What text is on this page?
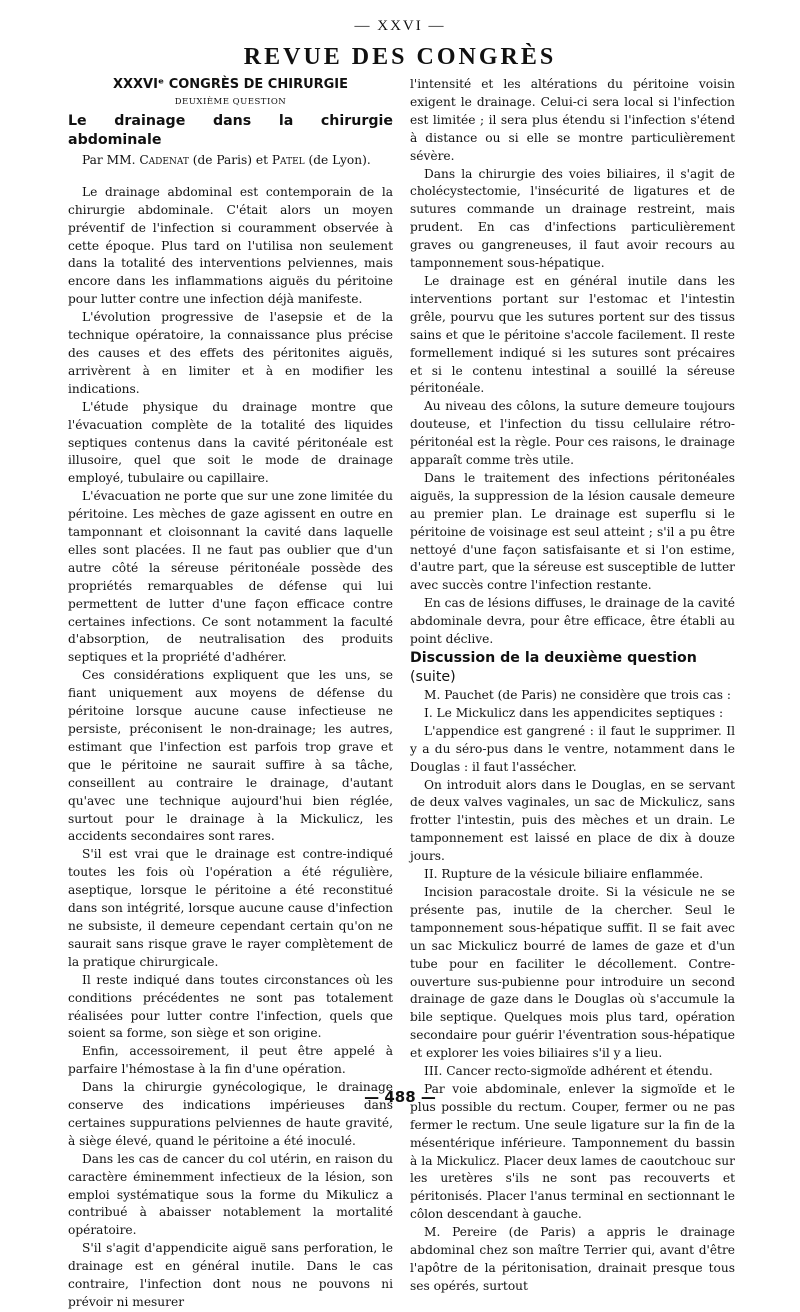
— XXVI —
REVUE DES CONGRÈS

XXXVIᵉ CONGRÈS DE CHIRURGIE

DEUXIÈME QUESTION

Le drainage dans la chirurgie abdominale

Par MM. Cadenat (de Paris) et Patel (de Lyon).

Le drainage abdominal est contemporain de la chirurgie abdominale. C'était alors un moyen préventif de l'infection si couramment observée à cette époque. Plus tard on l'utilisa non seulement dans la totalité des interventions pelviennes, mais encore dans les inflammations aiguës du péritoine pour lutter contre une infection déjà manifeste.

L'évolution progressive de l'asepsie et de la technique opératoire, la connaissance plus précise des causes et des effets des péritonites aiguës, arrivèrent à en limiter et à en modifier les indications.

L'étude physique du drainage montre que l'évacuation complète de la totalité des liquides septiques contenus dans la cavité péritonéale est illusoire, quel que soit le mode de drainage employé, tubulaire ou capillaire.

L'évacuation ne porte que sur une zone limitée du péritoine. Les mèches de gaze agissent en outre en tamponnant et cloisonnant la cavité dans laquelle elles sont placées. Il ne faut pas oublier que d'un autre côté la séreuse péritonéale possède des propriétés remarquables de défense qui lui permettent de lutter d'une façon efficace contre certaines infections. Ce sont notamment la faculté d'absorption, de neutralisation des produits septiques et la propriété d'adhérer.

Ces considérations expliquent que les uns, se fiant uniquement aux moyens de défense du péritoine lorsque aucune cause infectieuse ne persiste, préconisent le non-drainage; les autres, estimant que l'infection est parfois trop grave et que le péritoine ne saurait suffire à sa tâche, conseillent au contraire le drainage, d'autant qu'avec une technique aujourd'hui bien réglée, surtout pour le drainage à la Mickulicz, les accidents secondaires sont rares.

S'il est vrai que le drainage est contre-indiqué toutes les fois où l'opération a été régulière, aseptique, lorsque le péritoine a été reconstitué dans son intégrité, lorsque aucune cause d'infection ne subsiste, il demeure cependant certain qu'on ne saurait sans risque grave le rayer complètement de la pratique chirurgicale.

Il reste indiqué dans toutes circonstances où les conditions précédentes ne sont pas totalement réalisées pour lutter contre l'infection, quels que soient sa forme, son siège et son origine.

Enfin, accessoirement, il peut être appelé à parfaire l'hémostase à la fin d'une opération.

Dans la chirurgie gynécologique, le drainage conserve des indications impérieuses dans certaines suppurations pelviennes de haute gravité, à siège élevé, quand le péritoine a été inoculé.

Dans les cas de cancer du col utérin, en raison du caractère éminemment infectieux de la lésion, son emploi systématique sous la forme du Mikulicz a contribué à abaisser notablement la mortalité opératoire.

S'il s'agit d'appendicite aiguë sans perforation, le drainage est en général inutile. Dans le cas contraire, l'infection dont nous ne pouvons ni prévoir ni mesurer

l'intensité et les altérations du péritoine voisin exigent le drainage. Celui-ci sera local si l'infection est limitée ; il sera plus étendu si l'infection s'étend à distance ou si elle se montre particulièrement sévère.

Dans la chirurgie des voies biliaires, il s'agit de cholécystectomie, l'insécurité de ligatures et de sutures commande un drainage restreint, mais prudent. En cas d'infections particulièrement graves ou gangreneuses, il faut avoir recours au tamponnement sous-hépatique.

Le drainage est en général inutile dans les interventions portant sur l'estomac et l'intestin grêle, pourvu que les sutures portent sur des tissus sains et que le péritoine s'accole facilement. Il reste formellement indiqué si les sutures sont précaires et si le contenu intestinal a souillé la séreuse péritonéale.

Au niveau des côlons, la suture demeure toujours douteuse, et l'infection du tissu cellulaire rétro-péritonéal est la règle. Pour ces raisons, le drainage apparaît comme très utile.

Dans le traitement des infections péritonéales aiguës, la suppression de la lésion causale demeure au premier plan. Le drainage est superflu si le péritoine de voisinage est seul atteint ; s'il a pu être nettoyé d'une façon satisfaisante et si l'on estime, d'autre part, que la séreuse est susceptible de lutter avec succès contre l'infection restante.

En cas de lésions diffuses, le drainage de la cavité abdominale devra, pour être efficace, être établi au point déclive.

Discussion de la deuxième question (suite)

M. Pauchet (de Paris) ne considère que trois cas :

I. Le Mickulicz dans les appendicites septiques :

L'appendice est gangrené : il faut le supprimer. Il y a du séro-pus dans le ventre, notamment dans le Douglas : il faut l'assécher.

On introduit alors dans le Douglas, en se servant de deux valves vaginales, un sac de Mickulicz, sans frotter l'intestin, puis des mèches et un drain. Le tamponnement est laissé en place de dix à douze jours.

II. Rupture de la vésicule biliaire enflammée.

Incision paracostale droite. Si la vésicule ne se présente pas, inutile de la chercher. Seul le tamponnement sous-hépatique suffit. Il se fait avec un sac Mickulicz bourré de lames de gaze et d'un tube pour en faciliter le décollement. Contre-ouverture sus-pubienne pour introduire un second drainage de gaze dans le Douglas où s'accumule la bile septique. Quelques mois plus tard, opération secondaire pour guérir l'éventration sous-hépatique et explorer les voies biliaires s'il y a lieu.

III. Cancer recto-sigmoïde adhérent et étendu.

Par voie abdominale, enlever la sigmoïde et le plus possible du rectum. Couper, fermer ou ne pas fermer le rectum. Une seule ligature sur la fin de la mésentérique inférieure. Tamponnement du bassin à la Mickulicz. Placer deux lames de caoutchouc sur les uretères s'ils ne sont pas recouverts et péritonisés. Placer l'anus terminal en sectionnant le côlon descendant à gauche.

M. Pereire (de Paris) a appris le drainage abdominal chez son maître Terrier qui, avant d'être l'apôtre de la péritonisation, drainait presque tous ses opérés, surtout

— 488 —
